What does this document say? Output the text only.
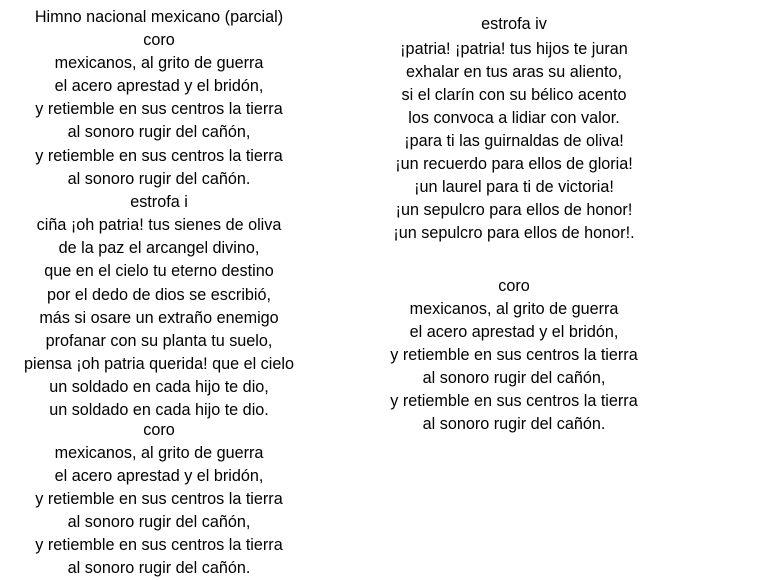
Himno nacional mexicano (parcial)
coro
mexicanos, al grito de guerra
el acero aprestad y el bridón,
y retiemble en sus centros la tierra
al sonoro rugir del cañón,
y retiemble en sus centros la tierra
al sonoro rugir del cañón.
estrofa i
ciña ¡oh patria! tus sienes de oliva
de la paz el arcangel divino,
que en el cielo tu eterno destino
por el dedo de dios se escribió,
más si osare un extraño enemigo
profanar con su planta tu suelo,
piensa ¡oh patria querida! que el cielo
un soldado en cada hijo te dio,
un soldado en cada hijo te dio.
coro
mexicanos, al grito de guerra
el acero aprestad y el bridón,
y retiemble en sus centros la tierra
al sonoro rugir del cañón,
y retiemble en sus centros la tierra
al sonoro rugir del cañón.
estrofa iv
¡patria! ¡patria! tus hijos te juran
exhalar en tus aras su aliento,
si el clarín con su bélico acento
los convoca a lidiar con valor.
¡para ti las guirnaldas de oliva!
¡un recuerdo para ellos de gloria!
¡un laurel para ti de victoria!
¡un sepulcro para ellos de honor!
¡un sepulcro para ellos de honor!.
coro
mexicanos, al grito de guerra
el acero aprestad y el bridón,
y retiemble en sus centros la tierra
al sonoro rugir del cañón,
y retiemble en sus centros la tierra
al sonoro rugir del cañón.
